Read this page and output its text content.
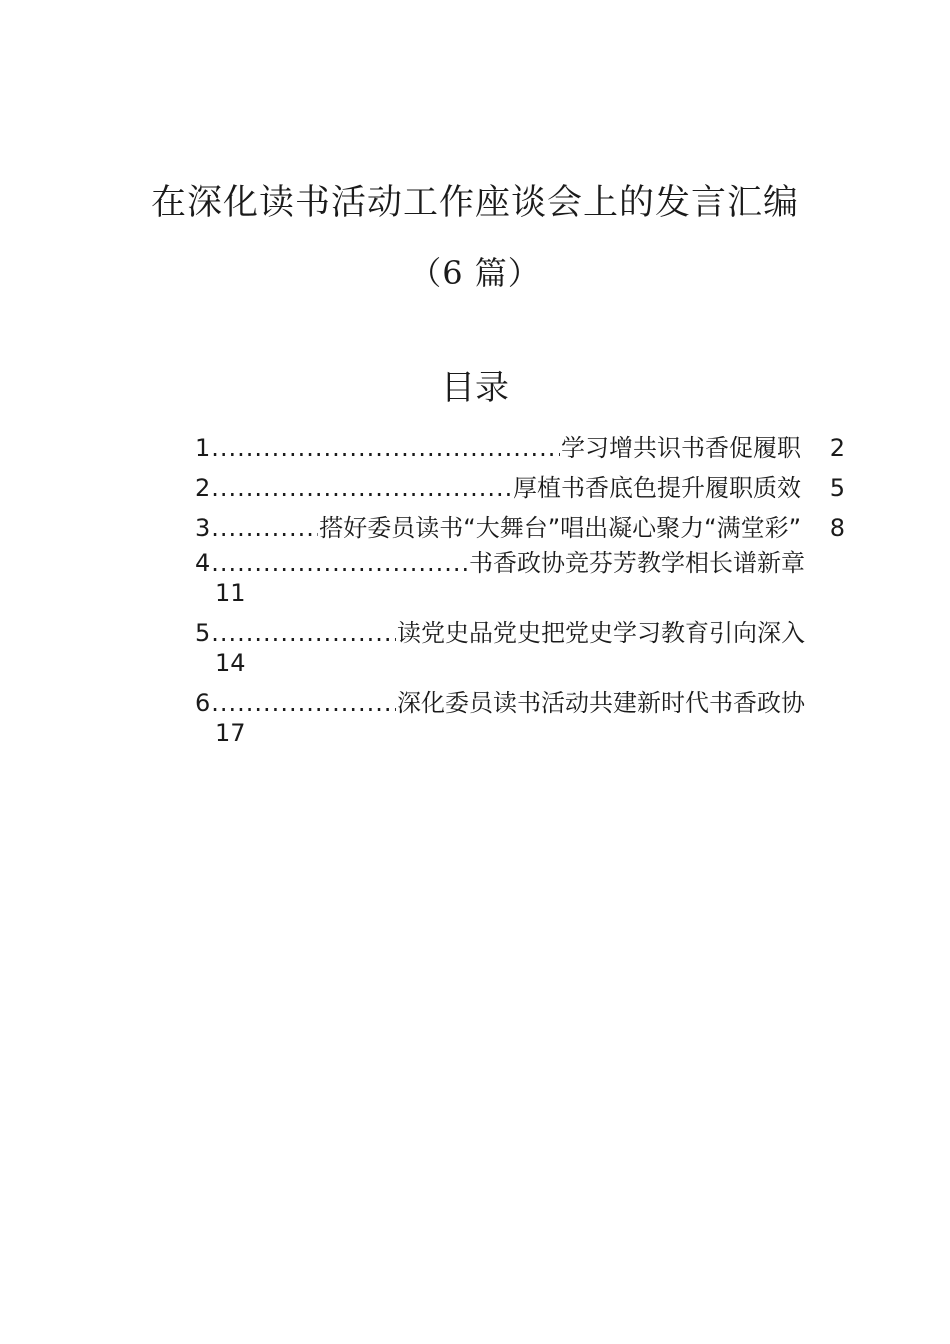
在深化读书活动工作座谈会上的发言汇编
（6 篇）
目录
1 .....	学习增共识书香促履职	2
2 .....	厚植书香底色提升履职质效	5
3 .....	搭好委员读书“大舞台”唱出凝心聚力“满堂彩”	8
4 .....	书香政协竞芬芳教学相长谱新章
11
5 .....	读党史品党史把党史学习教育引向深入
14
6 .....	深化委员读书活动共建新时代书香政协
17
